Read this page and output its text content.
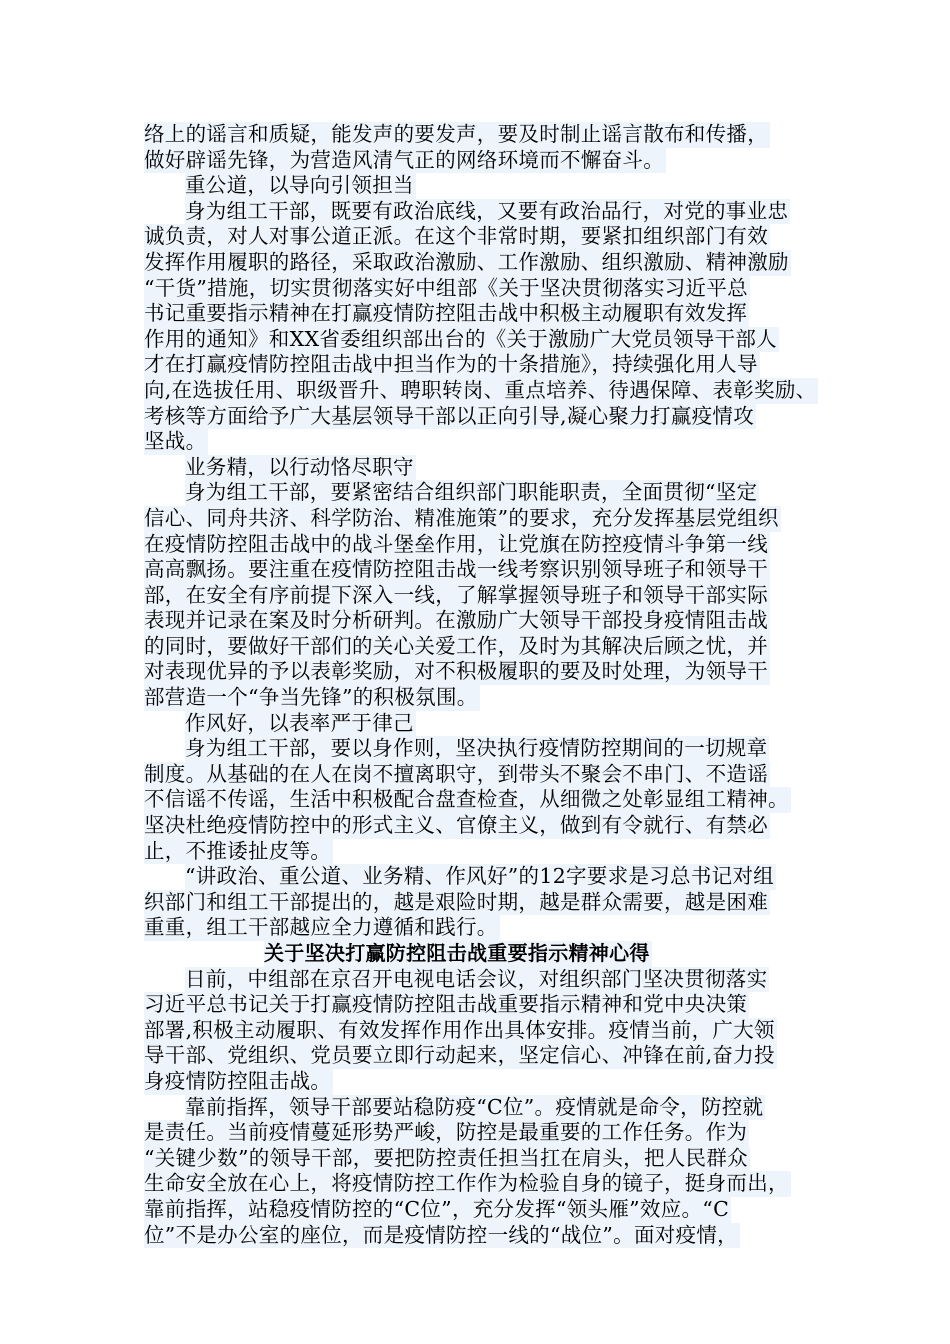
络上的谣言和质疑，能发声的要发声，要及时制止谣言散布和传播，
做好辟谣先锋，为营造风清气正的网络环境而不懈奋斗。
重公道，以导向引领担当
身为组工干部，既要有政治底线，又要有政治品行，对党的事业忠
诚负责，对人对事公道正派。在这个非常时期，要紧扣组织部门有效
发挥作用履职的路径，采取政治激励、工作激励、组织激励、精神激励
“干货”措施，切实贯彻落实好中组部《关于坚决贯彻落实习近平总
书记重要指示精神在打赢疫情防控阻击战中积极主动履职有效发挥
作用的通知》和XX省委组织部出台的《关于激励广大党员领导干部人
才在打赢疫情防控阻击战中担当作为的十条措施》，持续强化用人导
向,在选拔任用、职级晋升、聘职转岗、重点培养、待遇保障、表彰奖励、
考核等方面给予广大基层领导干部以正向引导,凝心聚力打赢疫情攻
坚战。
业务精，以行动恪尽职守
身为组工干部，要紧密结合组织部门职能职责，全面贯彻“坚定
信心、同舟共济、科学防治、精准施策”的要求，充分发挥基层党组织
在疫情防控阻击战中的战斗堡垒作用，让党旗在防控疫情斗争第一线
高高飘扬。要注重在疫情防控阻击战一线考察识别领导班子和领导干
部，在安全有序前提下深入一线，了解掌握领导班子和领导干部实际
表现并记录在案及时分析研判。在激励广大领导干部投身疫情阻击战
的同时，要做好干部们的关心关爱工作，及时为其解决后顾之忧，并
对表现优异的予以表彰奖励，对不积极履职的要及时处理，为领导干
部营造一个“争当先锋”的积极氛围。
作风好，以表率严于律己
身为组工干部，要以身作则，坚决执行疫情防控期间的一切规章
制度。从基础的在人在岗不擅离职守，到带头不聚会不串门、不造谣
不信谣不传谣，生活中积极配合盘查检查，从细微之处彰显组工精神。
坚决杜绝疫情防控中的形式主义、官僚主义，做到有令就行、有禁必
止，不推诿扯皮等。
“讲政治、重公道、业务精、作风好”的12字要求是习总书记对组
织部门和组工干部提出的，越是艰险时期，越是群众需要，越是困难
重重，组工干部越应全力遵循和践行。
关于坚决打赢防控阻击战重要指示精神心得
日前，中组部在京召开电视电话会议，对组织部门坚决贯彻落实
习近平总书记关于打赢疫情防控阻击战重要指示精神和党中央决策
部署,积极主动履职、有效发挥作用作出具体安排。疫情当前，广大领
导干部、党组织、党员要立即行动起来，坚定信心、冲锋在前,奋力投
身疫情防控阻击战。
靠前指挥，领导干部要站稳防疫“C位”。疫情就是命令，防控就
是责任。当前疫情蔓延形势严峻，防控是最重要的工作任务。作为
“关键少数”的领导干部，要把防控责任担当扛在肩头，把人民群众
生命安全放在心上，将疫情防控工作作为检验自身的镜子，挺身而出，
靠前指挥，站稳疫情防控的“C位”，充分发挥“领头雁”效应。“C
位”不是办公室的座位，而是疫情防控一线的“战位”。面对疫情，
